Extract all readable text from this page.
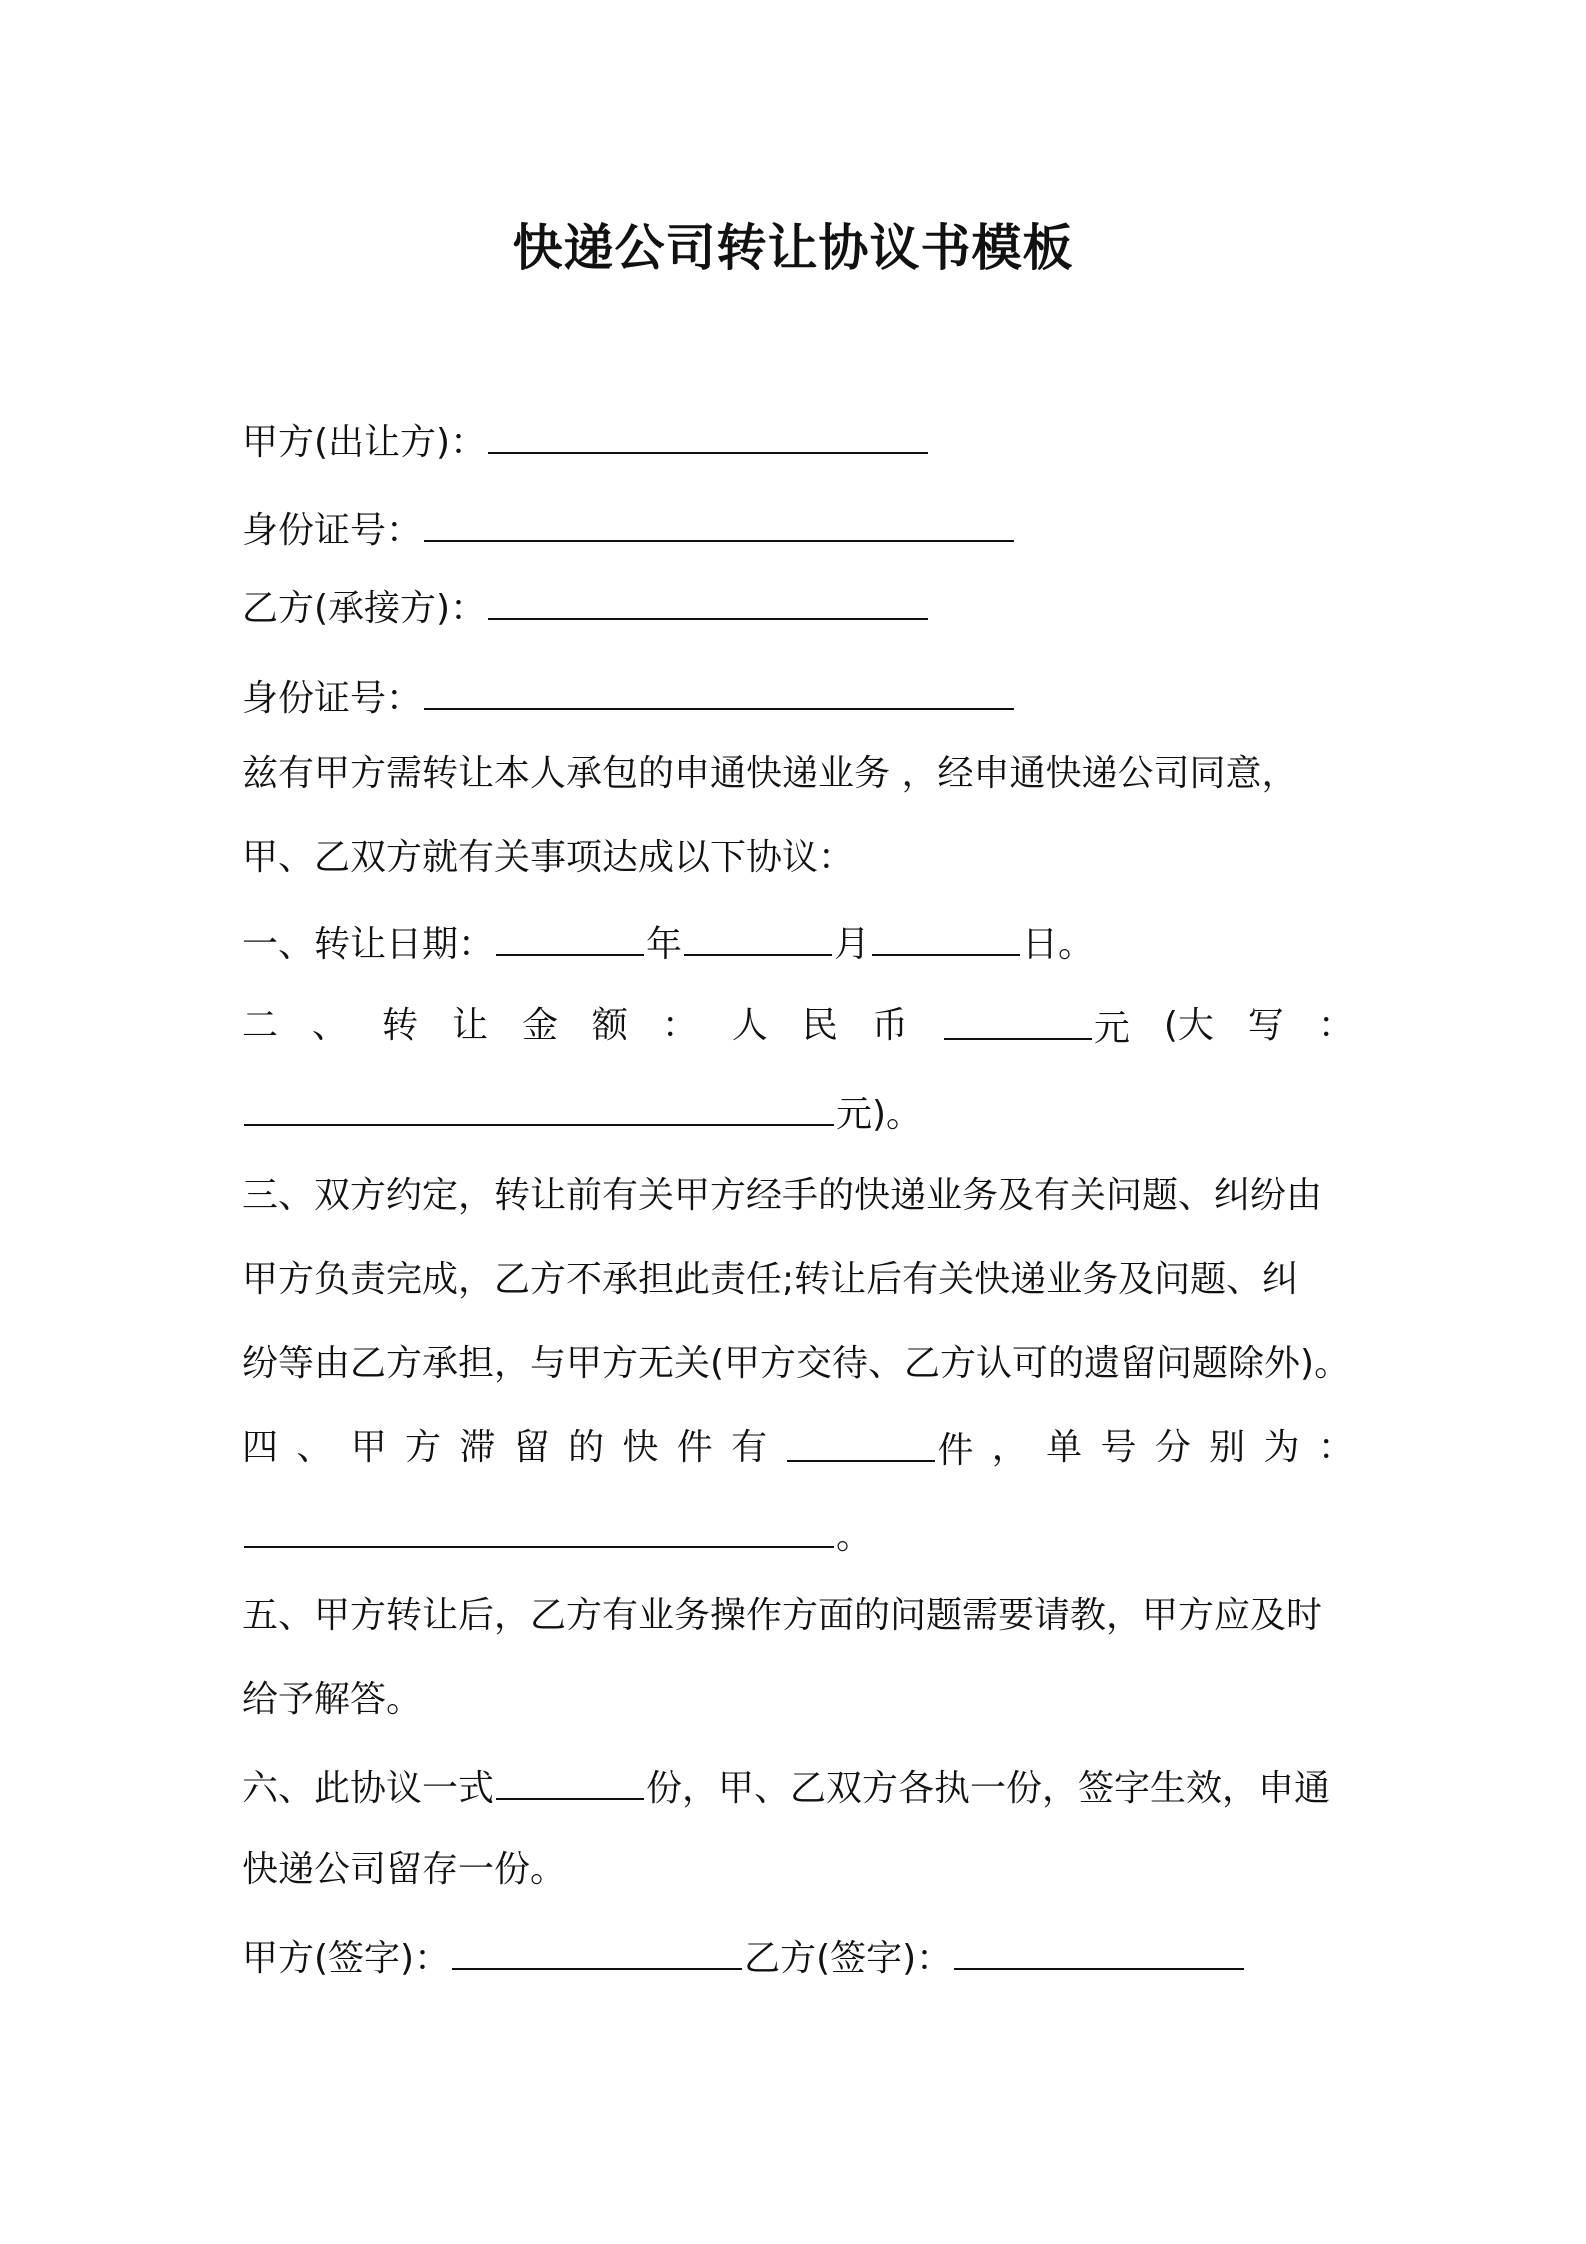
快递公司转让协议书模板

甲方(出让方)：

身份证号：

乙方(承接方)：

身份证号：

兹有甲方需转让本人承包的申通快递业务 ，经申通快递公司同意，

甲、乙双方就有关事项达成以下协议：

一、转让日期：	年	月	日。

二 、 转 让 金 额 ： 人 民 币	元 (大 写 ：

元)。

三、双方约定，转让前有关甲方经手的快递业务及有关问题、纠纷由

甲方负责完成，乙方不承担此责任;转让后有关快递业务及问题、纠

纷等由乙方承担，与甲方无关(甲方交待、乙方认可的遗留问题除外)。

四 、 甲 方 滞 留 的 快 件 有	件 ， 单 号 分 别 为 ：

。

五、甲方转让后，乙方有业务操作方面的问题需要请教，甲方应及时

给予解答。

六、此协议一式	份，甲、乙双方各执一份，签字生效，申通

快递公司留存一份。

甲方(签字)：	乙方(签字)：
